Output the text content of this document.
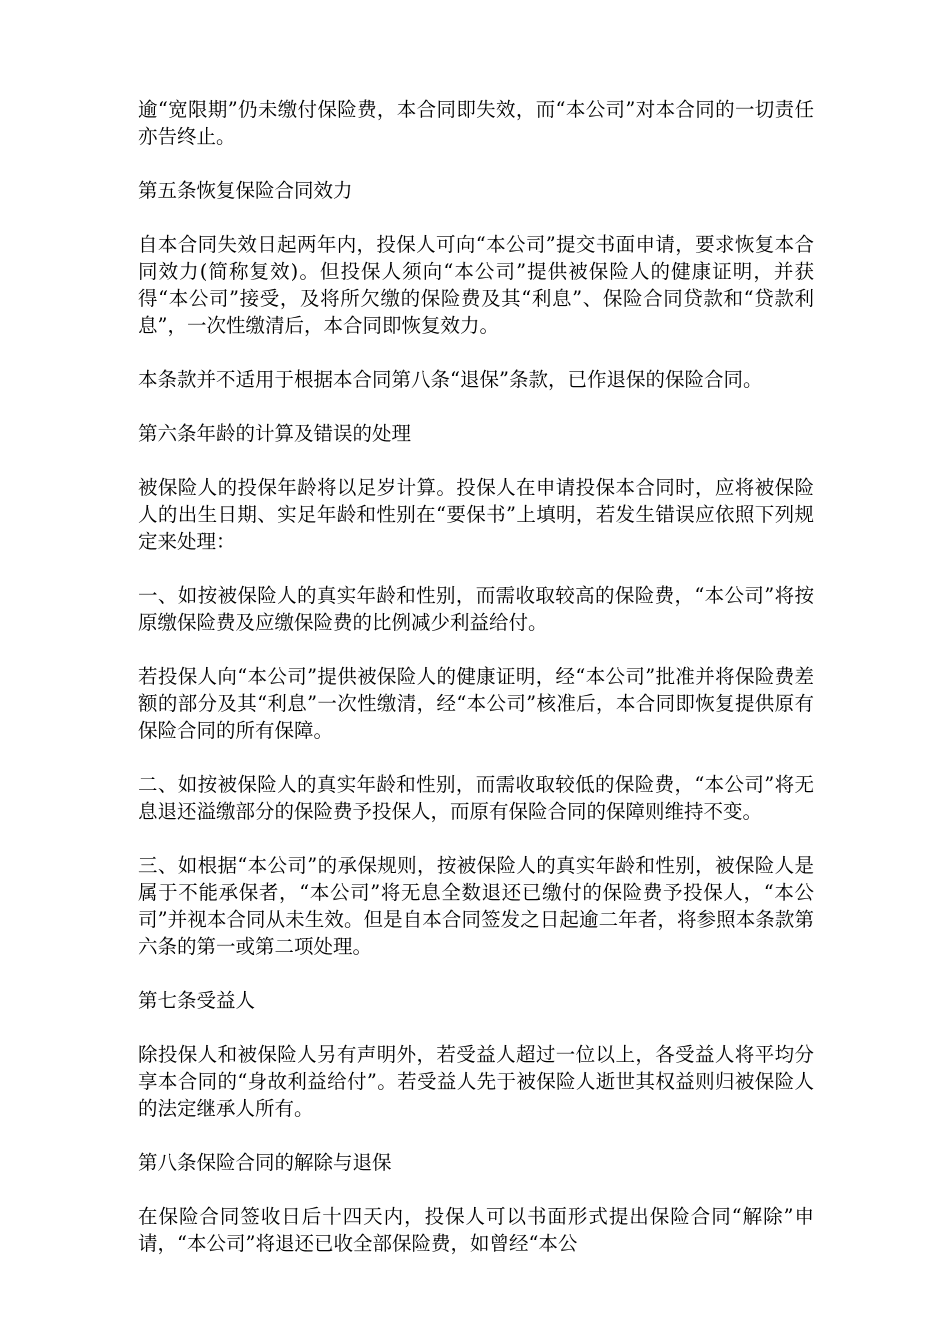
逾“宽限期”仍未缴付保险费，本合同即失效，而“本公司”对本合同的一切责任亦告终止。

第五条恢复保险合同效力

自本合同失效日起两年内，投保人可向“本公司”提交书面申请，要求恢复本合同效力(简称复效)。但投保人须向“本公司”提供被保险人的健康证明，并获得“本公司”接受，及将所欠缴的保险费及其“利息”、保险合同贷款和“贷款利息”，一次性缴清后，本合同即恢复效力。

本条款并不适用于根据本合同第八条“退保”条款，已作退保的保险合同。

第六条年龄的计算及错误的处理

被保险人的投保年龄将以足岁计算。投保人在申请投保本合同时，应将被保险人的出生日期、实足年龄和性别在“要保书”上填明，若发生错误应依照下列规定来处理：

一、如按被保险人的真实年龄和性别，而需收取较高的保险费，“本公司”将按原缴保险费及应缴保险费的比例减少利益给付。

若投保人向“本公司”提供被保险人的健康证明，经“本公司”批准并将保险费差额的部分及其“利息”一次性缴清，经“本公司”核准后，本合同即恢复提供原有保险合同的所有保障。

二、如按被保险人的真实年龄和性别，而需收取较低的保险费，“本公司”将无息退还溢缴部分的保险费予投保人，而原有保险合同的保障则维持不变。

三、如根据“本公司”的承保规则，按被保险人的真实年龄和性别，被保险人是属于不能承保者，“本公司”将无息全数退还已缴付的保险费予投保人，“本公司”并视本合同从未生效。但是自本合同签发之日起逾二年者，将参照本条款第六条的第一或第二项处理。

第七条受益人

除投保人和被保险人另有声明外，若受益人超过一位以上，各受益人将平均分享本合同的“身故利益给付”。若受益人先于被保险人逝世其权益则归被保险人的法定继承人所有。

第八条保险合同的解除与退保

在保险合同签收日后十四天内，投保人可以书面形式提出保险合同“解除”申请，“本公司”将退还已收全部保险费，如曾经“本公
